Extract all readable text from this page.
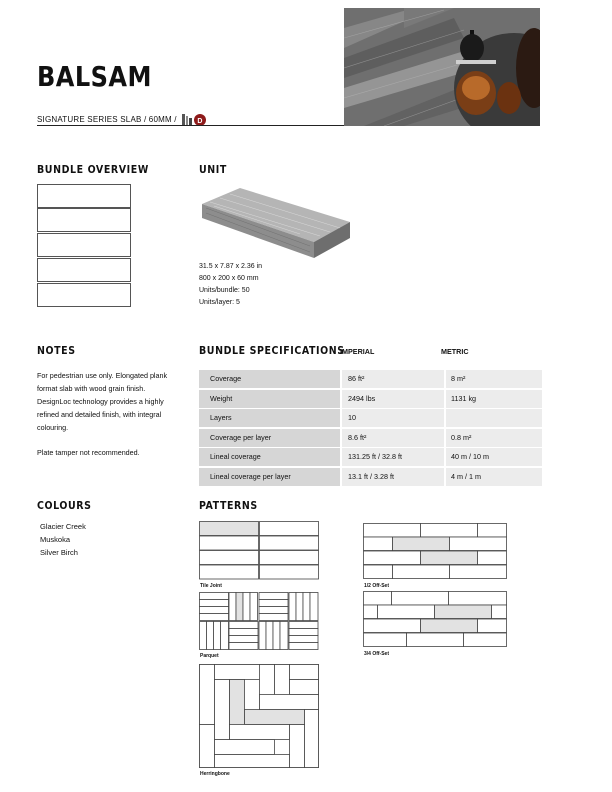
BALSAM
SIGNATURE SERIES SLAB / 60MM /	D
BUNDLE OVERVIEW	UNIT
31.5 x 7.87 x 2.36 in
800 x 200 x 60 mm
Units/bundle: 50
Units/layer: 5
NOTES

For pedestrian use only. Elongated plank format slab with wood grain finish. DesignLoc technology provides a highly refined and detailed finish, with integral colouring.

Plate tamper not recommended.

BUNDLE SPECIFICATIONS
IMPERIAL	METRIC
Coverage	86 ft²	8 m²
Weight	2494 lbs	1131 kg
Layers	10
Coverage per layer	8.6 ft²	0.8 m²
Lineal coverage	131.25 ft / 32.8 ft	40 m / 10 m
Lineal coverage per layer	13.1 ft / 3.28 ft	4 m / 1 m
COLOURS
Glacier Creek
Muskoka
Silver Birch
PATTERNS
Tile Joint	1/2 Off-Set
Parquet	3/4 Off-Set
Herringbone
